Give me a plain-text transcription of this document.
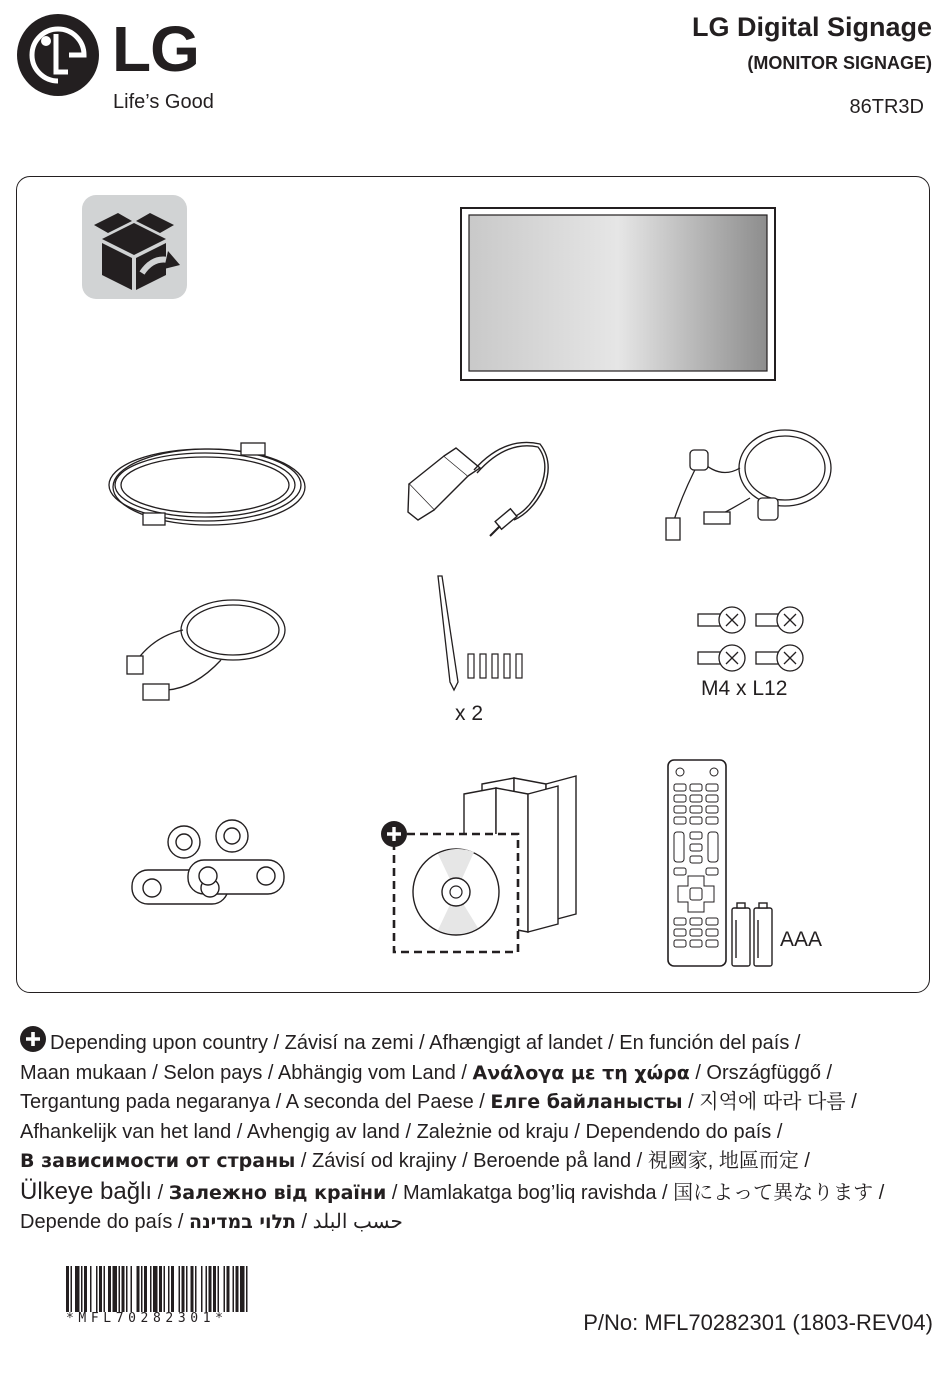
LG
Life’s Good
LG Digital Signage
(MONITOR SIGNAGE)
86TR3D
x 2
M4 x L12
AAA
Depending upon country / Závisí na zemi / Afhængigt af landet / En función del país /
Maan mukaan / Selon pays / Abhängig vom Land / Ανάλογα με τη χώρα / Országfüggő /
Tergantung pada negaranya / A seconda del Paese / Елге байланысты / 지역에 따라 다름 /
Afhankelijk van het land / Avhengig av land / Zależnie od kraju / Dependendo do país /
В зависимости от страны / Závisí od krajiny / Beroende på land / 視國家, 地區而定 /
Ülkeye bağlı / Залежно від країни / Mamlakatga bog’liq ravishda / 国によって異なります /
Depende do país / תלוי במדינה / حسب البلد
*MFL70282301*	P/No: MFL70282301 (1803-REV04)
